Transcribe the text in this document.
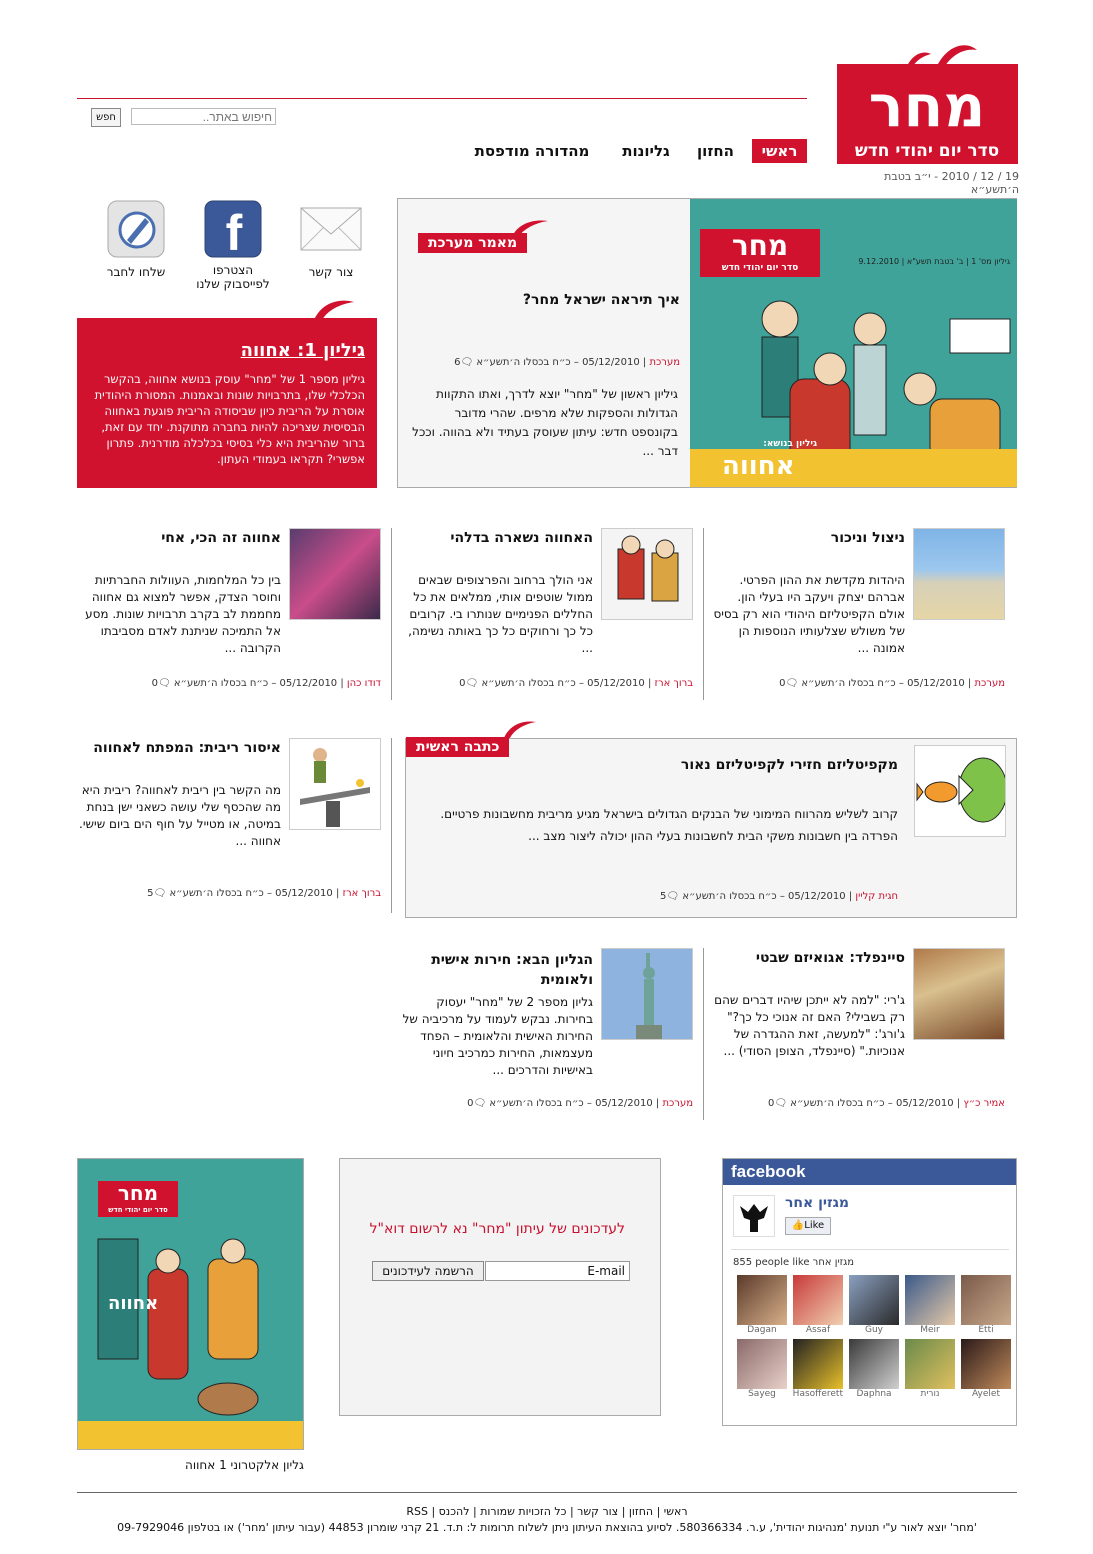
מחר
סדר יום יהודי חדש
חיפוש באתר..
חפש
ראשי
החזון
גליונות
מהדורה מודפסת
19 / 12 / 2010 - י״ב בטבת ה׳תשע״א
צור קשר
f
הצטרפו
לפייסבוק שלנו
שלחו לחבר
גיליון 1: אחווה
גיליון מספר 1 של "מחר" עוסק בנושא אחווה, בהקשר הכלכלי שלו, בתרבויות שונות ובאמנות. המסורת היהודית אוסרת על הריבית כיון שביסודה הריבית פוגעת באחווה הבסיסית שצריכה להיות בחברה מתוקנת. יחד עם זאת, ברור שהריבית היא כלי בסיסי בכלכלה מודרנית. פתרון אפשרי? תקראו בעמודי העתון.
מחר
סדר יום יהודי חדש
גיליון מס' 1 | ב' בטבת תשע"א | 9.12.2010
גיליון בנושא:
אחווה
מאמר מערכת
איך תיראה ישראל מחר?
מערכת | 05/12/2010 – כ״ח בכסלו ה׳תשע״א 🗨6
גיליון ראשון של "מחר" יוצא לדרך, ואתו התקוות הגדולות והספקות שלא מרפים. שהרי מדובר בקונספט חדש: עיתון שעוסק בעתיד ולא בהווה. וככל דבר ...
ניצול וניכור
היהדות מקדשת את ההון הפרטי. אברהם יצחק ויעקב היו בעלי הון. אולם הקפיטליזם היהודי הוא רק בסיס של משולש שצלעותיו הנוספות הן אמונה ...
מערכת | 05/12/2010 – כ״ח בכסלו ה׳תשע״א 🗨0
האחווה נשארה בדלהי
אני הולך ברחוב והפרצופים שבאים ממול שוטפים אותי, ממלאים את כל החללים הפנימיים שנותרו בי. קרובים כל כך ורחוקים כל כך באותה נשימה, ...
ברוך ארז | 05/12/2010 – כ״ח בכסלו ה׳תשע״א 🗨0
אחווה זה הכי, אחי
בין כל המלחמות, העוולות החברתיות וחוסר הצדק, אפשר למצוא גם אחווה מחממת לב בקרב תרבויות שונות. מסע אל התמיכה שניתנת לאדם מסביבתו הקרובה ...
דודו כהן | 05/12/2010 – כ״ח בכסלו ה׳תשע״א 🗨0
איסור ריבית: המפתח לאחווה
מה הקשר בין ריבית לאחווה? ריבית היא מה שהכסף שלי עושה כשאני ישן בנחת במיטה, או מטייל על חוף הים ביום שישי. אחווה ...
ברוך ארז | 05/12/2010 – כ״ח בכסלו ה׳תשע״א 🗨5
כתבה ראשית
מקפיטליזם חזירי לקפיטליזם נאור
קרוב לשליש מהרווח המימוני של הבנקים הגדולים בישראל מגיע מריבית מחשבונות פרטיים. הפרדה בין חשבונות משקי הבית לחשבונות בעלי ההון יכולה ליצור מצב ...
חגית קליין | 05/12/2010 – כ״ח בכסלו ה׳תשע״א 🗨5
סיינפלד: אגואיזם שבטי
ג'רי: "למה לא ייתכן שיהיו דברים שהם רק בשבילי? האם זה אנוכי כל כך?" ג'ורג': "למעשה, זאת ההגדרה של אנוכיות." (סיינפלד, הצופן הסודי) ...
אמיר כ״ץ | 05/12/2010 – כ״ח בכסלו ה׳תשע״א 🗨0
הגליון הבא: חירות אישית ולאומית
גליון מספר 2 של "מחר" יעסוק בחירות. נבקש לעמוד על מרכיביה של החירות האישית והלאומית – הפחד מעצמאות, החירות כמרכיב חיוני באישיות והדרכים ...
מערכת | 05/12/2010 – כ״ח בכסלו ה׳תשע״א 🗨0
מחר
סדר יום יהודי חדש
אחווה
גליון אלקטרוני 1 אחווה
לעדכונים של עיתון "מחר" נא לרשום דוא"ל
E-mail
הרשמה לעידכונים
facebook
מגזין אחר
👍Like
855 people like מגזין אחר
Etti
Meir
Guy
Assaf
Dagan
Ayelet
נורית
Daphna
Hasofferett
Sayeg
ראשי | החזון | צור קשר | כל הזכויות שמורות | להכנס | RSS
'מחר' יוצא לאור ע"י תנועת 'מנהיגות יהודית', ע.ר. 580366334. לסיוע בהוצאת העיתון ניתן לשלוח תרומות ל: ת.ד. 21 קרני שומרון 44853 (עבור עיתון 'מחר') או בטלפון 09-7929046
